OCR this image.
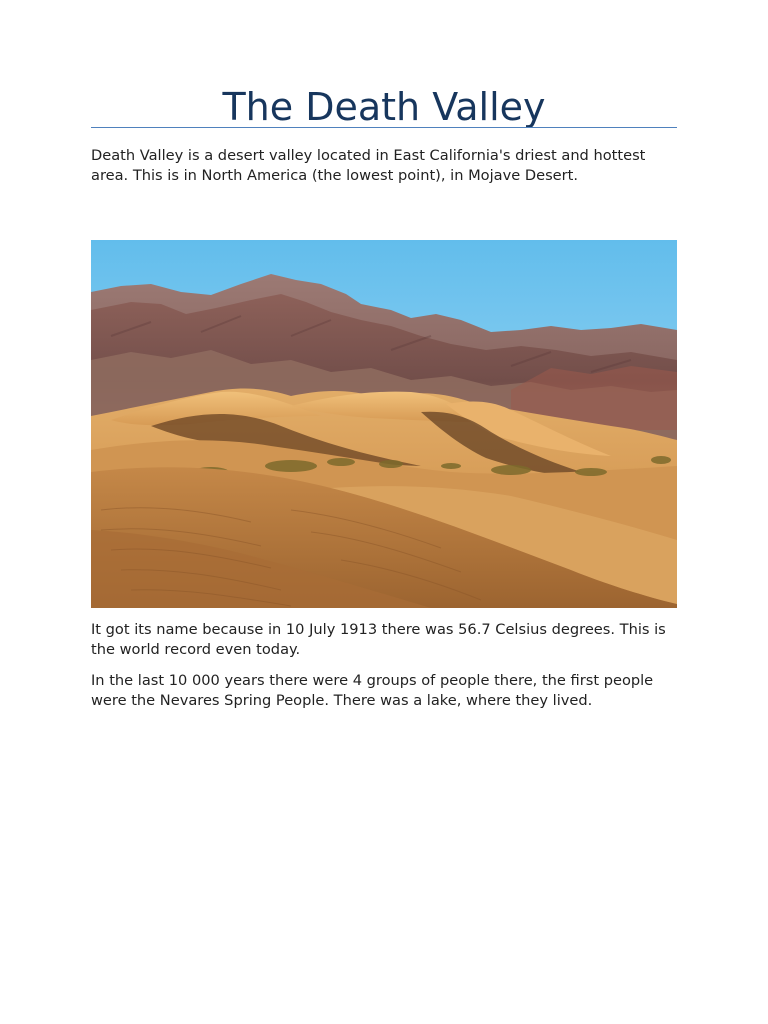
The Death Valley

Death Valley is a desert valley located in East California's driest and hottest area. This is in North America (the lowest point), in Mojave Desert.

It got its name because in 10 July 1913 there was 56.7 Celsius degrees. This is the world record even today.

In the last 10 000 years there were 4 groups of people there, the first people were the Nevares Spring People. There was a lake, where they lived.
